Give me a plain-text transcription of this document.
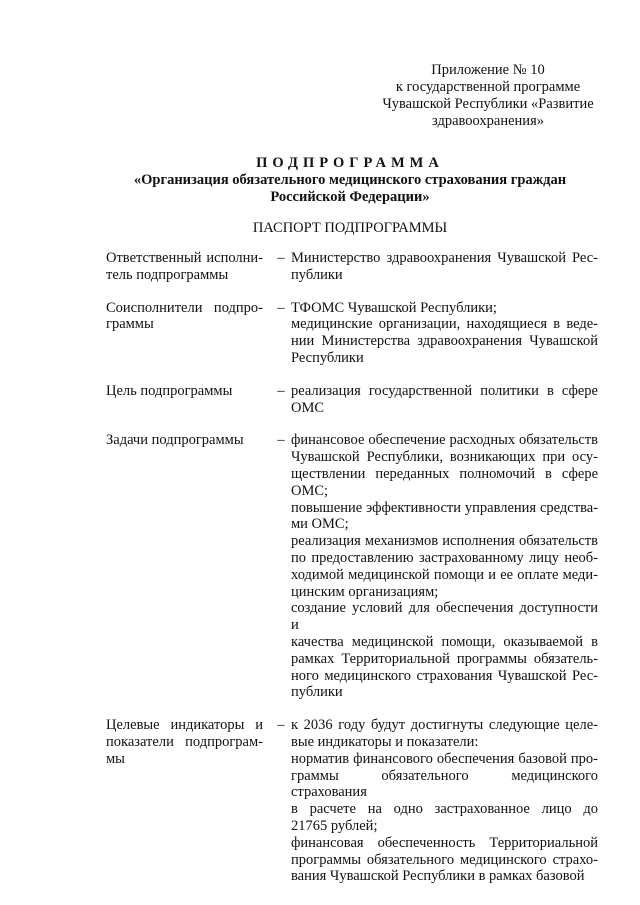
Приложение № 10
к государственной программе
Чувашской Республики «Развитие
здравоохранения»
ПОДПРОГРАММА
«Организация обязательного медицинского страхования граждан
Российской Федерации»
ПАСПОРТ ПОДПРОГРАММЫ
Ответственный исполни-
тель подпрограммы
– Министерство здравоохранения Чувашской Рес-
публики
Соисполнители подпро-
граммы
– ТФОМС Чувашской Республики;
медицинские организации, находящиеся в веде-
нии Министерства здравоохранения Чувашской
Республики
Цель подпрограммы	– реализация государственной политики в сфере
ОМС
Задачи подпрограммы	– финансовое обеспечение расходных обязательств
Чувашской Республики, возникающих при осу-
ществлении переданных полномочий в сфере
ОМС;
повышение эффективности управления средства-
ми ОМС;
реализация механизмов исполнения обязательств
по предоставлению застрахованному лицу необ-
ходимой медицинской помощи и ее оплате меди-
цинским организациям;
создание условий для обеспечения доступности и
качества медицинской помощи, оказываемой в
рамках Территориальной программы обязатель-
ного медицинского страхования Чувашской Рес-
публики
Целевые индикаторы и
показатели подпрограм-
мы
– к 2036 году будут достигнуты следующие целе-
вые индикаторы и показатели:
норматив финансового обеспечения базовой про-
граммы обязательного медицинского страхования
в расчете на одно застрахованное лицо до
21765 рублей;
финансовая обеспеченность Территориальной
программы обязательного медицинского страхо-
вания Чувашской Республики в рамках базовой
